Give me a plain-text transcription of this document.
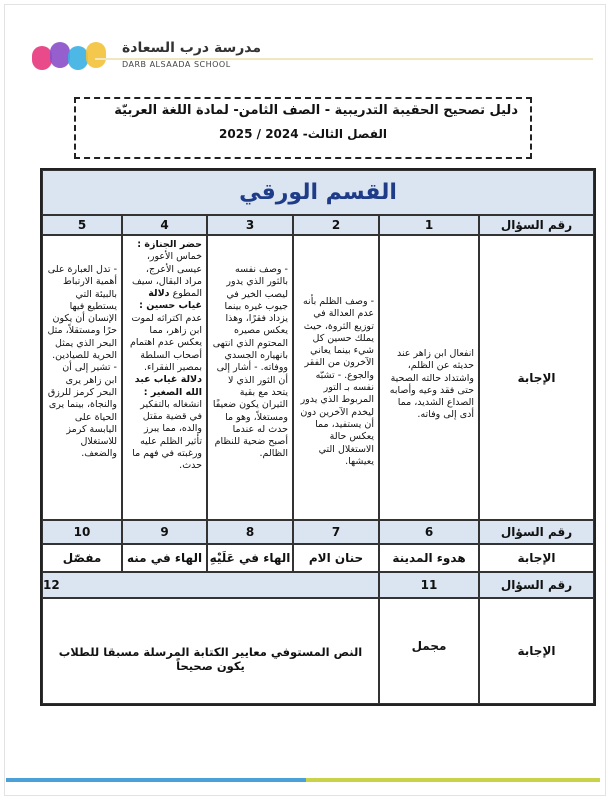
مدرسة درب السعادة
DARB ALSAADA SCHOOL
دليل تصحيح الحقيبة التدريبية - الصف الثامن- لمادة اللغة العربيّة
الفصل الثالث- 2024 / 2025
القسم الورقي
رقم السؤال
1
2
3
4
5
الإجابة
انفعال ابن زاهر عند حديثه عن الظلم، واشتداد حالته الصحية حتى فقد وعيه وأصابه الصداع الشديد، مما أدى إلى وفاته.
- وصف الظلم بأنه عدم العدالة في توزيع الثروة، حيث يملك حسين كل شيء بينما يعاني الآخرون من الفقر والجوع. - تشبّه نفسه بـ التور المربوط الذي يدور ليخدم الآخرين دون أن يستفيد، مما يعكس حالة الاستغلال التي يعيشها.
- وصف نفسه بالثور الذي يدور ليصب الخير في جيوب غيره بينما يزداد فقرًا، وهذا يعكس مصيره المحتوم الذي انتهى بانهياره الجسدي ووفاته. - أشار إلى أن الثور الذي لا يتحد مع بقية الثيران يكون ضعيفًا ومستغلاً، وهو ما حدث له عندما أصبح ضحية للنظام الظالم.
حضر الجنازة : خماس الأعور، عيسى الأعرج، مراد البقال، سيف المطوع دلالة غياب حسين : عدم اكتراثه لموت ابن زاهر، مما يعكس عدم اهتمام أصحاب السلطة بمصير الفقراء. دلالة غياب عبد الله الصغير : انشغاله بالتفكير في قضية مقتل والده، مما يبرز تأثير الظلم عليه ورغبته في فهم ما حدث.
- تدل العبارة على أهمية الارتباط بالبيئة التي يستطيع فيها الإنسان أن يكون حرًا ومستقلاً، مثل البحر الذي يمثل الحرية للصيادين. - تشير إلى أن ابن زاهر يرى البحر كرمز للرزق والنجاة، بينما يرى الحياة على اليابسة كرمز للاستغلال والضعف.
رقم السؤال
6
7
8
9
10
الإجابة
هدوء المدينة
حنان الام
الهاء في عَلَيْهِ
الهاء في منه
مفصّل
رقم السؤال
11
12
الإجابة
مجمل
النص المستوفي معايير الكتابة المرسلة مسبقا للطلاب يكون صحيحاً
